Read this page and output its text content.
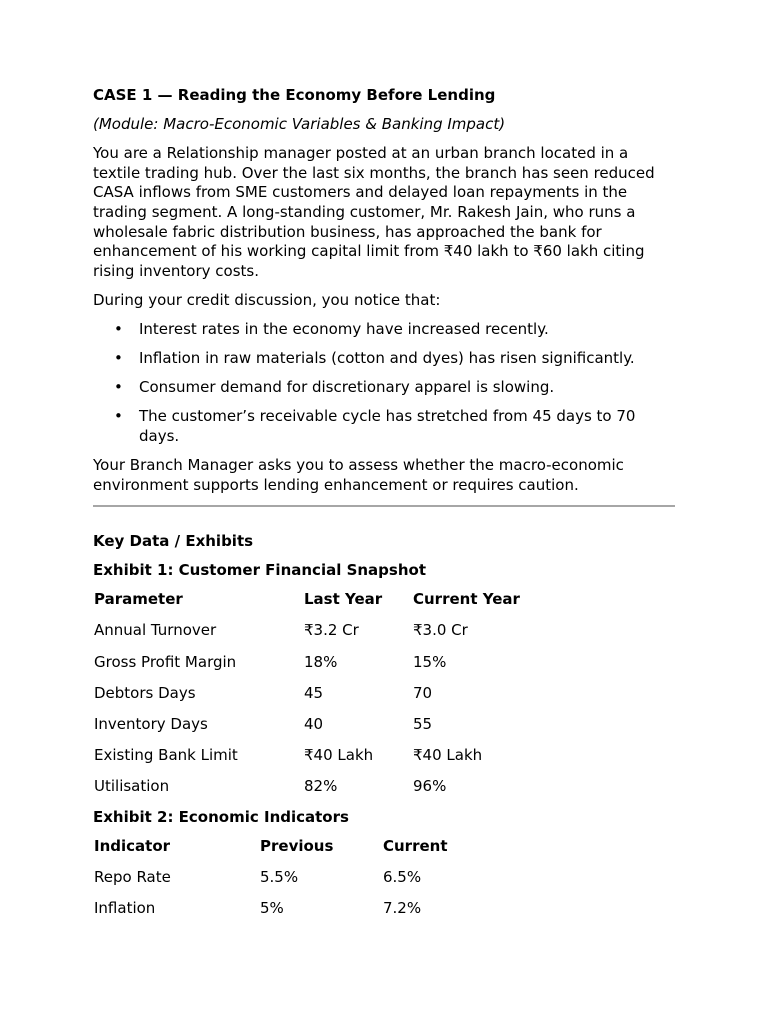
CASE 1 — Reading the Economy Before Lending

(Module: Macro-Economic Variables & Banking Impact)

You are a Relationship manager posted at an urban branch located in a textile trading hub. Over the last six months, the branch has seen reduced CASA inflows from SME customers and delayed loan repayments in the trading segment. A long-standing customer, Mr. Rakesh Jain, who runs a wholesale fabric distribution business, has approached the bank for enhancement of his working capital limit from ₹40 lakh to ₹60 lakh citing rising inventory costs.

During your credit discussion, you notice that:

• Interest rates in the economy have increased recently.
• Inflation in raw materials (cotton and dyes) has risen significantly.
• Consumer demand for discretionary apparel is slowing.
• The customer’s receivable cycle has stretched from 45 days to 70 days.

Your Branch Manager asks you to assess whether the macro-economic environment supports lending enhancement or requires caution.

Key Data / Exhibits

Exhibit 1: Customer Financial Snapshot

Parameter	Last Year	Current Year
Annual Turnover	₹3.2 Cr	₹3.0 Cr
Gross Profit Margin	18%	15%
Debtors Days	45	70
Inventory Days	40	55
Existing Bank Limit	₹40 Lakh	₹40 Lakh
Utilisation	82%	96%

Exhibit 2: Economic Indicators

Indicator	Previous	Current
Repo Rate	5.5%	6.5%
Inflation	5%	7.2%
